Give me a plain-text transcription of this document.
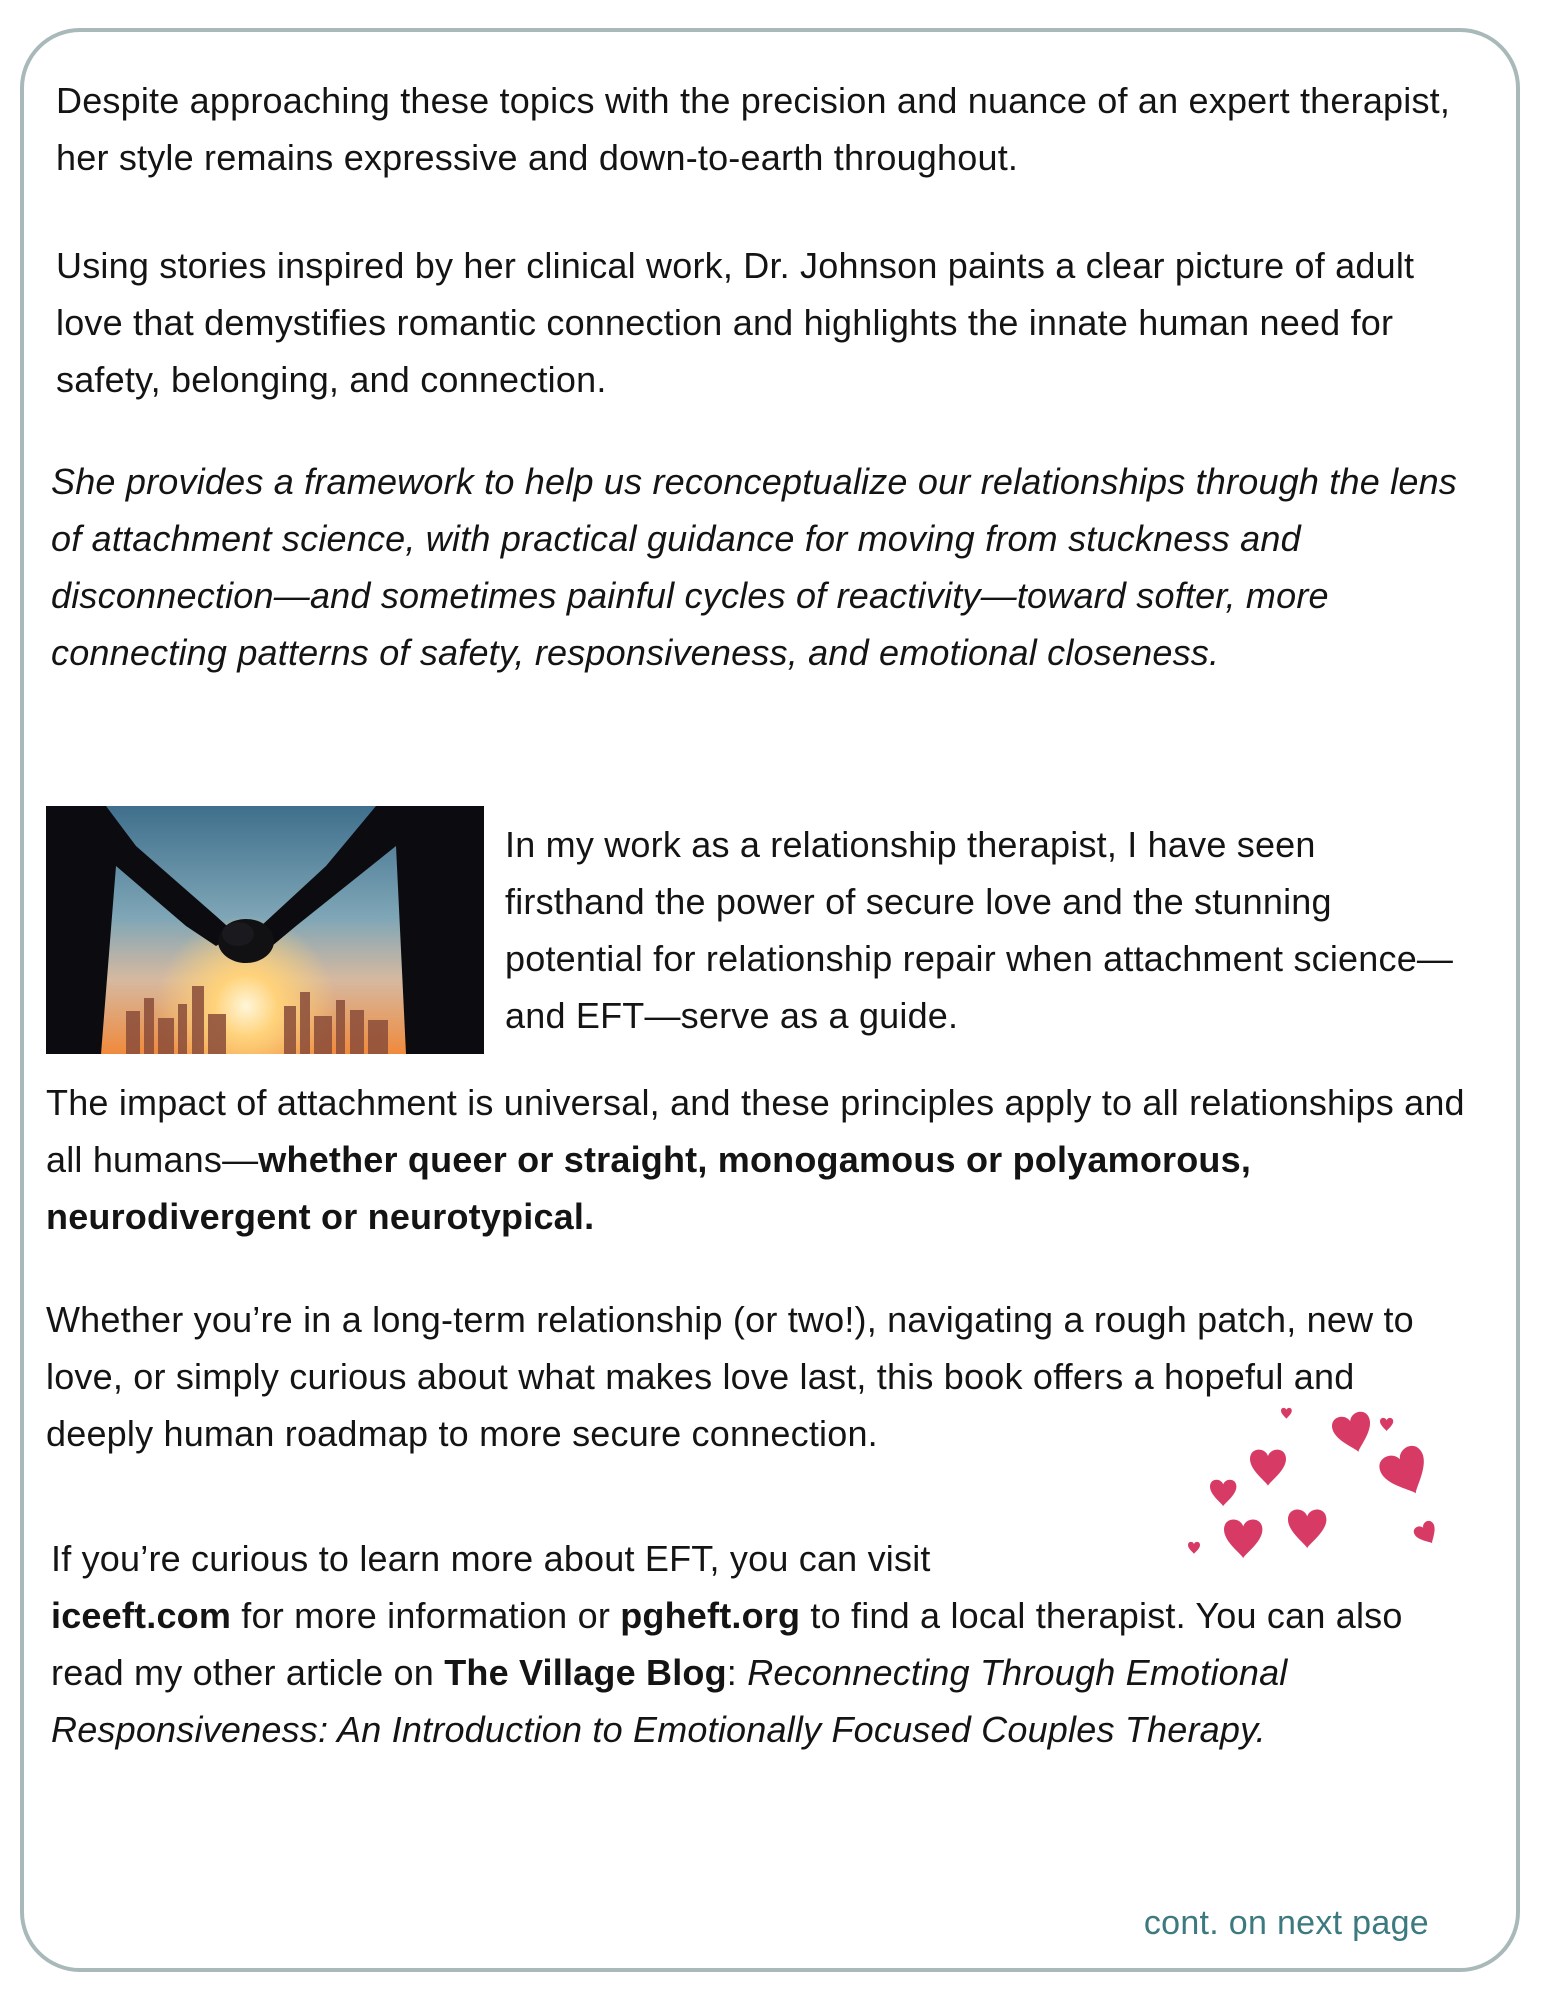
Despite approaching these topics with the precision and nuance of an expert therapist, her style remains expressive and down-to-earth throughout.

Using stories inspired by her clinical work, Dr. Johnson paints a clear picture of adult love that demystifies romantic connection and highlights the innate human need for safety, belonging, and connection.

She provides a framework to help us reconceptualize our relationships through the lens of attachment science, with practical guidance for moving from stuckness and disconnection—and sometimes painful cycles of reactivity—toward softer, more connecting patterns of safety, responsiveness, and emotional closeness.

In my work as a relationship therapist, I have seen firsthand the power of secure love and the stunning potential for relationship repair when attachment science—and EFT—serve as a guide.

The impact of attachment is universal, and these principles apply to all relationships and all humans—whether queer or straight, monogamous or polyamorous, neurodivergent or neurotypical.

Whether you’re in a long-term relationship (or two!), navigating a rough patch, new to love, or simply curious about what makes love last, this book offers a hopeful and deeply human roadmap to more secure connection.

If you’re curious to learn more about EFT, you can visit
iceeft.com for more information or pgheft.org to find a local therapist. You can also read my other article on The Village Blog: Reconnecting Through Emotional Responsiveness: An Introduction to Emotionally Focused Couples Therapy.

cont. on next page
